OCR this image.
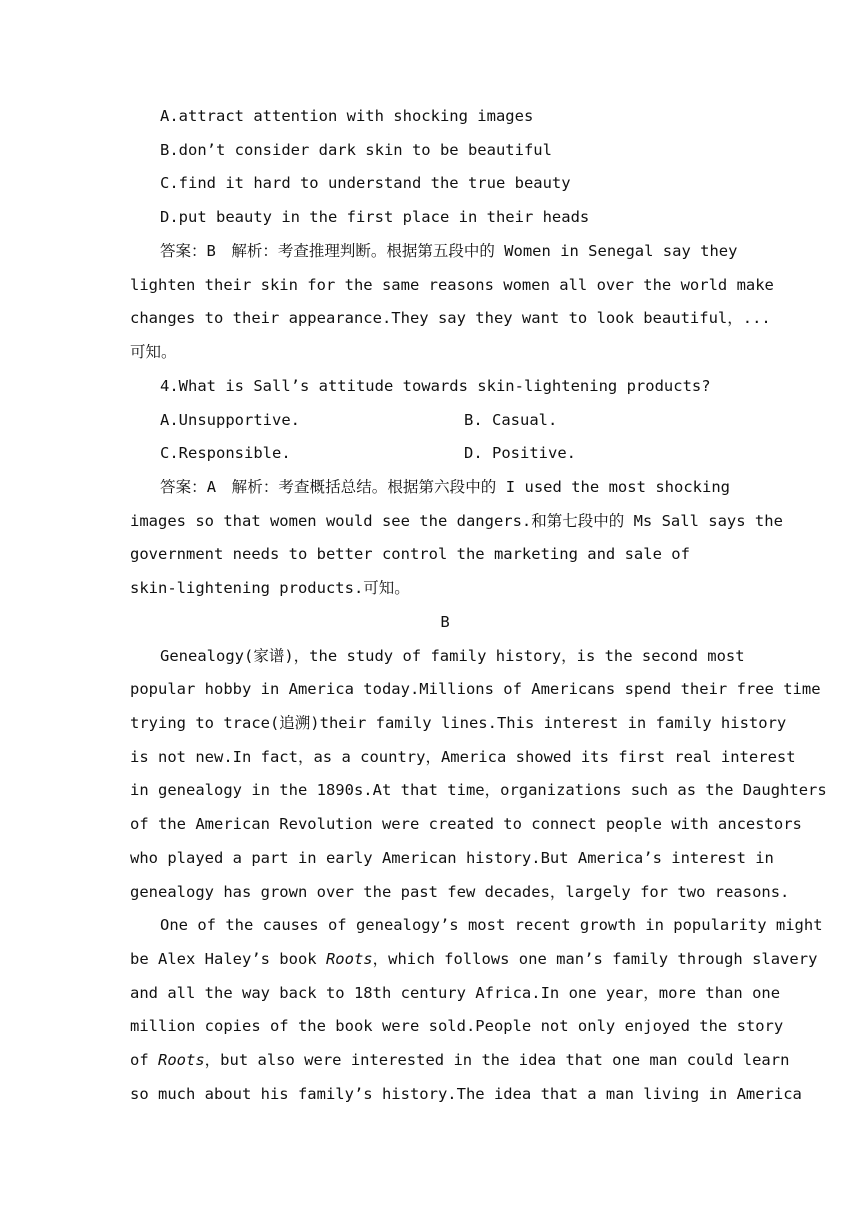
A.attract attention with shocking images
B.don’t consider dark skin to be beautiful
C.find it hard to understand the true beauty
D.put beauty in the first place in their heads
答案：B　解析：考查推理判断。根据第五段中的 Women in Senegal say they
lighten their skin for the same reasons women all over the world make
changes to their appearance.They say they want to look beautiful，...
可知。
4.What is Sall’s attitude towards skin-lightening products?
A.Unsupportive.	B. Casual.
C.Responsible.	D. Positive.
答案：A　解析：考查概括总结。根据第六段中的 I used the most shocking
images so that women would see the dangers.和第七段中的 Ms Sall says the
government needs to better control the marketing and sale of
skin-lightening products.可知。
B
Genealogy(家谱)，the study of family history，is the second most
popular hobby in America today.Millions of Americans spend their free time
trying to trace(追溯)their family lines.This interest in family history
is not new.In fact，as a country，America showed its first real interest
in genealogy in the 1890s.At that time，organizations such as the Daughters
of the American Revolution were created to connect people with ancestors
who played a part in early American history.But America’s interest in
genealogy has grown over the past few decades，largely for two reasons.
One of the causes of genealogy’s most recent growth in popularity might
be Alex Haley’s book Roots，which follows one man’s family through slavery
and all the way back to 18th century Africa.In one year，more than one
million copies of the book were sold.People not only enjoyed the story
of Roots，but also were interested in the idea that one man could learn
so much about his family’s history.The idea that a man living in America
